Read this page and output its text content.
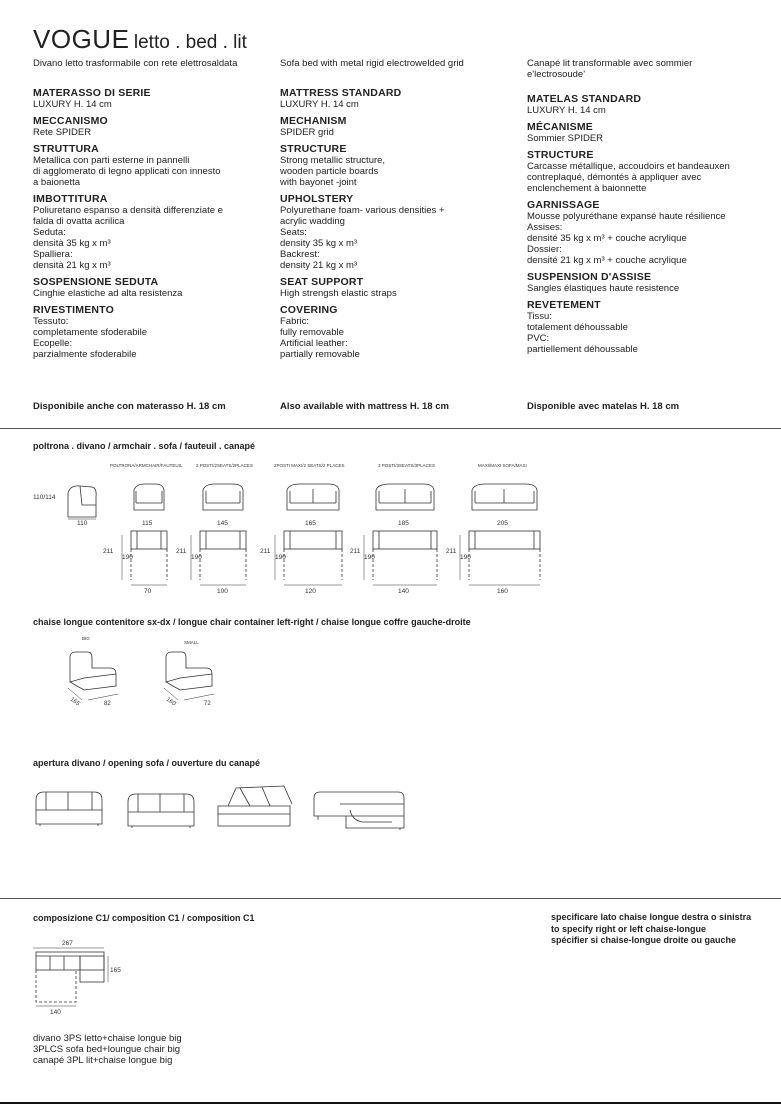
VOGUE letto . bed . lit
Divano letto trasformabile con rete elettrosaldata
MATERASSO DI SERIE
LUXURY H. 14 cm
MECCANISMO
Rete SPIDER
STRUTTURA
Metallica con parti esterne in pannelli
di agglomerato di legno applicati con innesto
a baionetta
IMBOTTITURA
Poliuretano espanso a densità differenziate e
falda di ovatta acrilica
Seduta:
densità 35 kg x m³
Spalliera:
densità 21 kg x m³
SOSPENSIONE SEDUTA
Cinghie elastiche ad alta resistenza
RIVESTIMENTO
Tessuto:
completamente sfoderabile
Ecopelle:
parzialmente sfoderabile
Disponibile anche con materasso H. 18 cm
Sofa bed with metal rigid electrowelded grid
MATTRESS STANDARD
LUXURY H. 14 cm
MECHANISM
SPIDER grid
STRUCTURE
Strong metallic structure,
wooden particle boards
with bayonet -joint
UPHOLSTERY
Polyurethane foam- various densities +
acrylic wadding
Seats:
density 35 kg x m³
Backrest:
density 21 kg x m³
SEAT SUPPORT
High strengsh elastic straps
COVERING
Fabric:
fully removable
Artificial leather:
partially removable
Also available with mattress H. 18 cm
Canapé lit transformable avec sommier
e'lectrosoude'
MATELAS STANDARD
LUXURY H. 14 cm
MÉCANISME
Sommier SPIDER
STRUCTURE
Carcasse métallique, accoudoirs et bandeauxen
contreplaqué, démontés à appliquer avec
enclenchement à baionnette
GARNISSAGE
Mousse polyuréthane expansé haute résilience
Assises:
densité 35 kg x m³ + couche acrylique
Dossier:
densité 21 kg x m³ + couche acrylique
SUSPENSION D'ASSISE
Sangles élastiques haute resistence
REVETEMENT
Tissu:
totalement déhoussable
PVC:
partiellement déhoussable
Disponible avec matelas H. 18 cm
poltrona . divano / armchair . sofa / fauteuil . canapé
110/114
110	115	145	165	185	205
211
190
211
190
211
190
211
190
211
190
70	100	120	140	160
POLTRONA/ARMCHAIR/FAUTEUIL	2 POSTI/2SEATS/2PLACES	2POSTI MAXI/2 SEATS/2 PLACES	3 POSTI/3SEATS/3PLACES	MAXI/MAXI SOFA/MAXI
chaise longue contenitore sx-dx / longue chair container left-right / chaise longue coffre gauche-droite
BIG
SMALL
165	82	160	72
apertura divano / opening sofa / ouverture du canapé
composizione C1/ composition C1 / composition C1	specificare lato chaise longue destra o sinistra
to specify right or left chaise-longue
spécifier si chaise-longue droite ou gauche
267
165
140
divano 3PS letto+chaise longue big
3PLCS sofa bed+loungue chair big
canapé 3PL lit+chaise longue big
